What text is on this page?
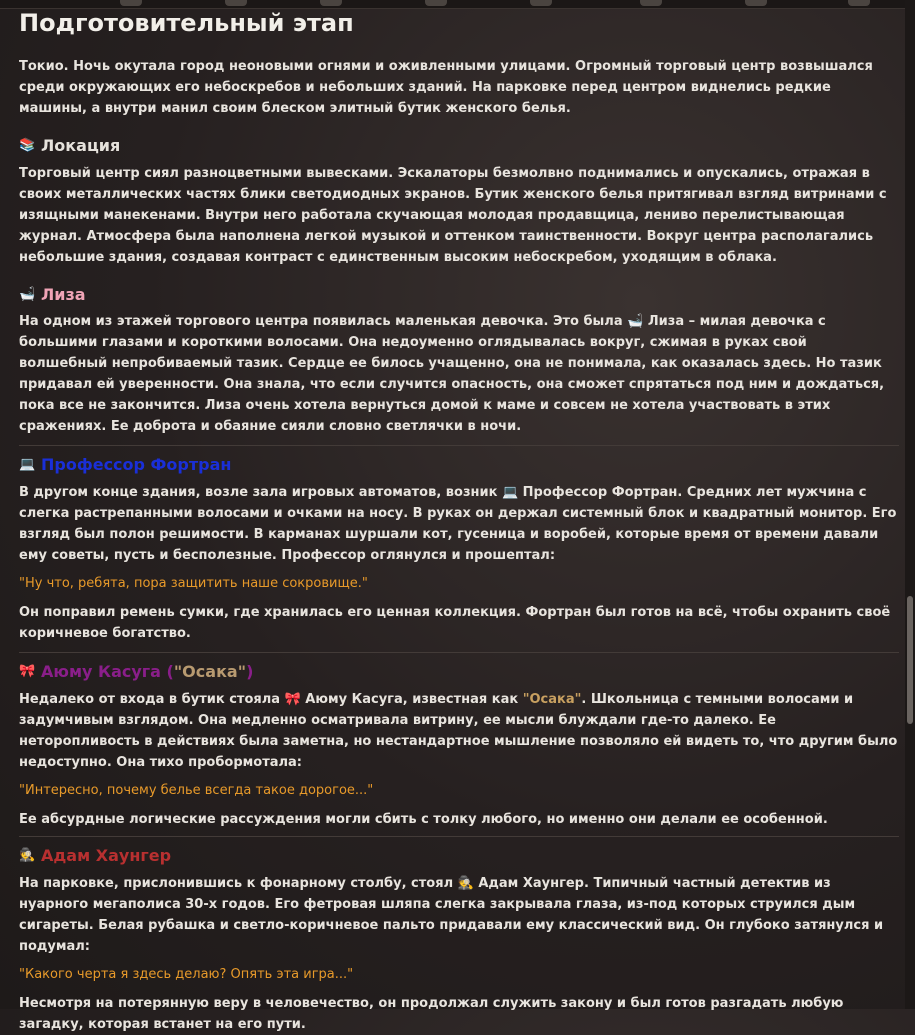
Подготовительный этап

Токио. Ночь окутала город неоновыми огнями и оживленными улицами. Огромный торговый центр возвышался среди окружающих его небоскребов и небольших зданий. На парковке перед центром виднелись редкие машины, а внутри манил своим блеском элитный бутик женского белья.

📚 Локация

Торговый центр сиял разноцветными вывесками. Эскалаторы безмолвно поднимались и опускались, отражая в своих металлических частях блики светодиодных экранов. Бутик женского белья притягивал взгляд витринами с изящными манекенами. Внутри него работала скучающая молодая продавщица, лениво перелистывающая журнал. Атмосфера была наполнена легкой музыкой и оттенком таинственности. Вокруг центра располагались небольшие здания, создавая контраст с единственным высоким небоскребом, уходящим в облака.

🛁 Лиза

На одном из этажей торгового центра появилась маленькая девочка. Это была 🛁 Лиза – милая девочка с большими глазами и короткими волосами. Она недоуменно оглядывалась вокруг, сжимая в руках свой волшебный непробиваемый тазик. Сердце ее билось учащенно, она не понимала, как оказалась здесь. Но тазик придавал ей уверенности. Она знала, что если случится опасность, она сможет спрятаться под ним и дождаться, пока все не закончится. Лиза очень хотела вернуться домой к маме и совсем не хотела участвовать в этих сражениях. Ее доброта и обаяние сияли словно светлячки в ночи.

💻 Профессор Фортран

В другом конце здания, возле зала игровых автоматов, возник 💻 Профессор Фортран. Средних лет мужчина с слегка растрепанными волосами и очками на носу. В руках он держал системный блок и квадратный монитор. Его взгляд был полон решимости. В карманах шуршали кот, гусеница и воробей, которые время от времени давали ему советы, пусть и бесполезные. Профессор оглянулся и прошептал:

"Ну что, ребята, пора защитить наше сокровище."

Он поправил ремень сумки, где хранилась его ценная коллекция. Фортран был готов на всё, чтобы охранить своё коричневое богатство.

🎀 Аюму Касуга ("Осака")

Недалеко от входа в бутик стояла 🎀 Аюму Касуга, известная как "Осака". Школьница с темными волосами и задумчивым взглядом. Она медленно осматривала витрину, ее мысли блуждали где-то далеко. Ее неторопливость в действиях была заметна, но нестандартное мышление позволяло ей видеть то, что другим было недоступно. Она тихо пробормотала:

"Интересно, почему белье всегда такое дорогое..."

Ее абсурдные логические рассуждения могли сбить с толку любого, но именно они делали ее особенной.

🕵 Адам Хаунгер

На парковке, прислонившись к фонарному столбу, стоял 🕵 Адам Хаунгер. Типичный частный детектив из нуарного мегаполиса 30-х годов. Его фетровая шляпа слегка закрывала глаза, из-под которых струился дым сигареты. Белая рубашка и светло-коричневое пальто придавали ему классический вид. Он глубоко затянулся и подумал:

"Какого черта я здесь делаю? Опять эта игра..."

Несмотря на потерянную веру в человечество, он продолжал служить закону и был готов разгадать любую загадку, которая встанет на его пути.
